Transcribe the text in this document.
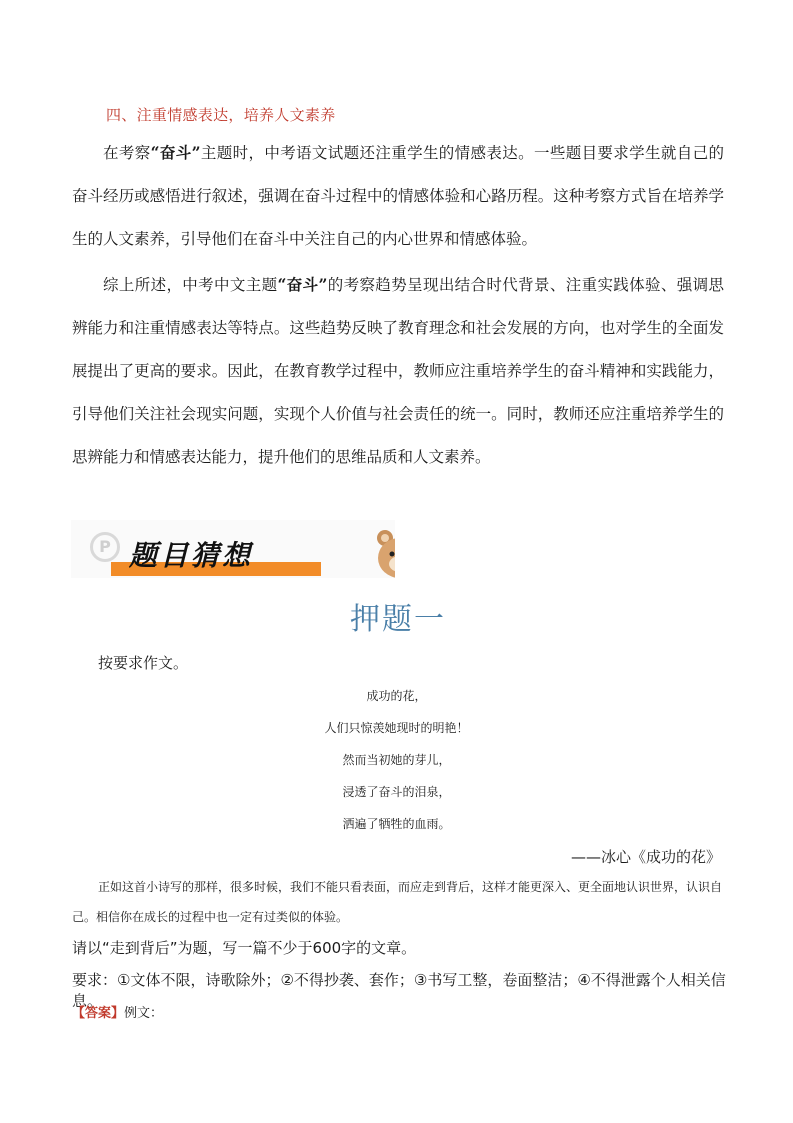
四、注重情感表达，培养人文素养

在考察“奋斗”主题时，中考语文试题还注重学生的情感表达。一些题目要求学生就自己的奋斗经历或感悟进行叙述，强调在奋斗过程中的情感体验和心路历程。这种考察方式旨在培养学生的人文素养，引导他们在奋斗中关注自己的内心世界和情感体验。

综上所述，中考中文主题“奋斗”的考察趋势呈现出结合时代背景、注重实践体验、强调思辨能力和注重情感表达等特点。这些趋势反映了教育理念和社会发展的方向，也对学生的全面发展提出了更高的要求。因此，在教育教学过程中，教师应注重培养学生的奋斗精神和实践能力，引导他们关注社会现实问题，实现个人价值与社会责任的统一。同时，教师还应注重培养学生的思辨能力和情感表达能力，提升他们的思维品质和人文素养。

P 题目猜想
押题一
按要求作文。
成功的花，
人们只惊羡她现时的明艳！
然而当初她的芽儿，
浸透了奋斗的泪泉，
洒遍了牺牲的血雨。
——冰心《成功的花》

正如这首小诗写的那样，很多时候，我们不能只看表面，而应走到背后，这样才能更深入、更全面地认识世界，认识自己。相信你在成长的过程中也一定有过类似的体验。

请以“走到背后”为题，写一篇不少于600字的文章。
要求：①文体不限，诗歌除外；②不得抄袭、套作；③书写工整，卷面整洁；④不得泄露个人相关信息。
【答案】例文：
